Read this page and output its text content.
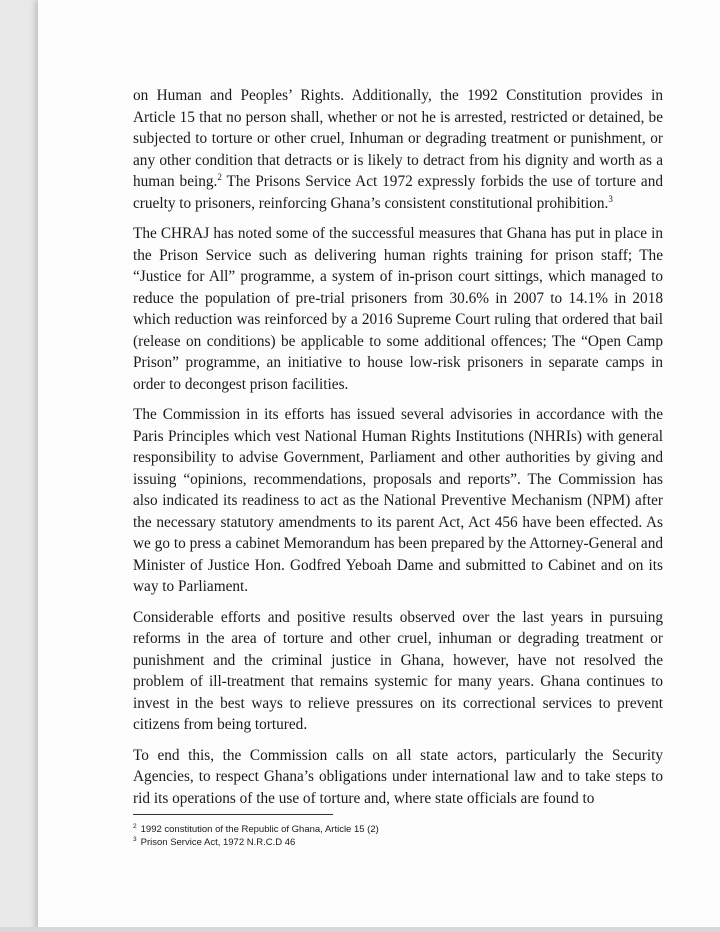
on Human and Peoples’ Rights. Additionally, the 1992 Constitution provides in Article 15 that no person shall, whether or not he is arrested, restricted or detained, be subjected to torture or other cruel, Inhuman or degrading treatment or punishment, or any other condition that detracts or is likely to detract from his dignity and worth as a human being.$^2$ The Prisons Service Act 1972 expressly forbids the use of torture and cruelty to prisoners, reinforcing Ghana’s consistent constitutional prohibition.$^3$

The CHRAJ has noted some of the successful measures that Ghana has put in place in the Prison Service such as delivering human rights training for prison staff; The “Justice for All” programme, a system of in-prison court sittings, which managed to reduce the population of pre-trial prisoners from 30.6% in 2007 to 14.1% in 2018 which reduction was reinforced by a 2016 Supreme Court ruling that ordered that bail (release on conditions) be applicable to some additional offences; The “Open Camp Prison” programme, an initiative to house low-risk prisoners in separate camps in order to decongest prison facilities.

The Commission in its efforts has issued several advisories in accordance with the Paris Principles which vest National Human Rights Institutions (NHRIs) with general responsibility to advise Government, Parliament and other authorities by giving and issuing “opinions, recommendations, proposals and reports”. The Commission has also indicated its readiness to act as the National Preventive Mechanism (NPM) after the necessary statutory amendments to its parent Act, Act 456 have been effected. As we go to press a cabinet Memorandum has been prepared by the Attorney-General and Minister of Justice Hon. Godfred Yeboah Dame and submitted to Cabinet and on its way to Parliament.

Considerable efforts and positive results observed over the last years in pursuing reforms in the area of torture and other cruel, inhuman or degrading treatment or punishment and the criminal justice in Ghana, however, have not resolved the problem of ill-treatment that remains systemic for many years. Ghana continues to invest in the best ways to relieve pressures on its correctional services to prevent citizens from being tortured.

To end this, the Commission calls on all state actors, particularly the Security Agencies, to respect Ghana’s obligations under international law and to take steps to rid its operations of the use of torture and, where state officials are found to

$^2$ 1992 constitution of the Republic of Ghana, Article 15 (2)
$^3$ Prison Service Act, 1972 N.R.C.D 46
